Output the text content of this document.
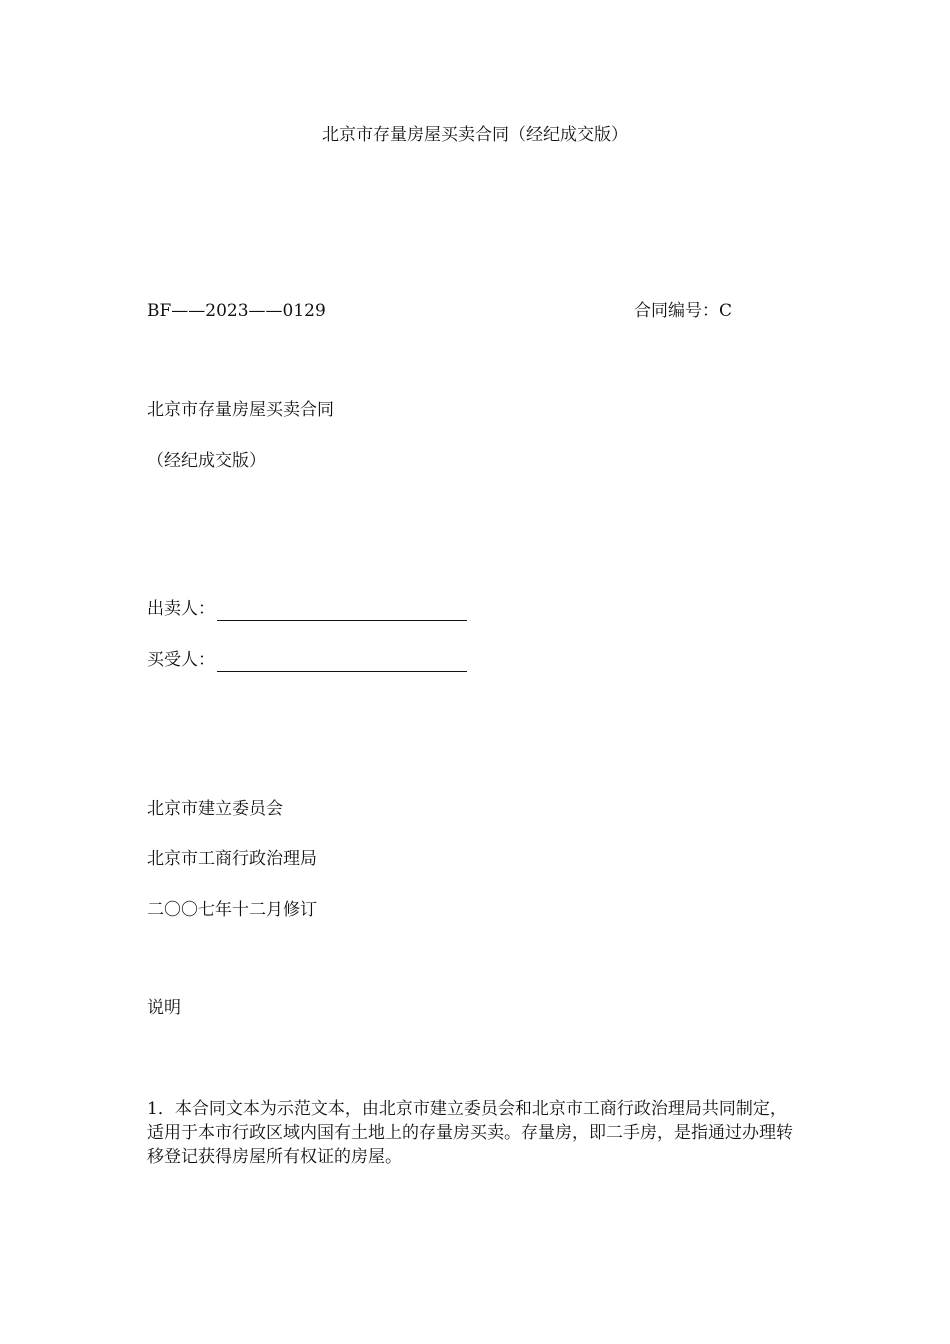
北京市存量房屋买卖合同（经纪成交版）
BF——2023——0129	合同编号：C
北京市存量房屋买卖合同
（经纪成交版）
出卖人：
买受人：
北京市建立委员会
北京市工商行政治理局
二〇〇七年十二月修订
说明
1．本合同文本为示范文本，由北京市建立委员会和北京市工商行政治理局共同制定，适用于本市行政区域内国有土地上的存量房买卖。存量房，即二手房，是指通过办理转移登记获得房屋所有权证的房屋。
